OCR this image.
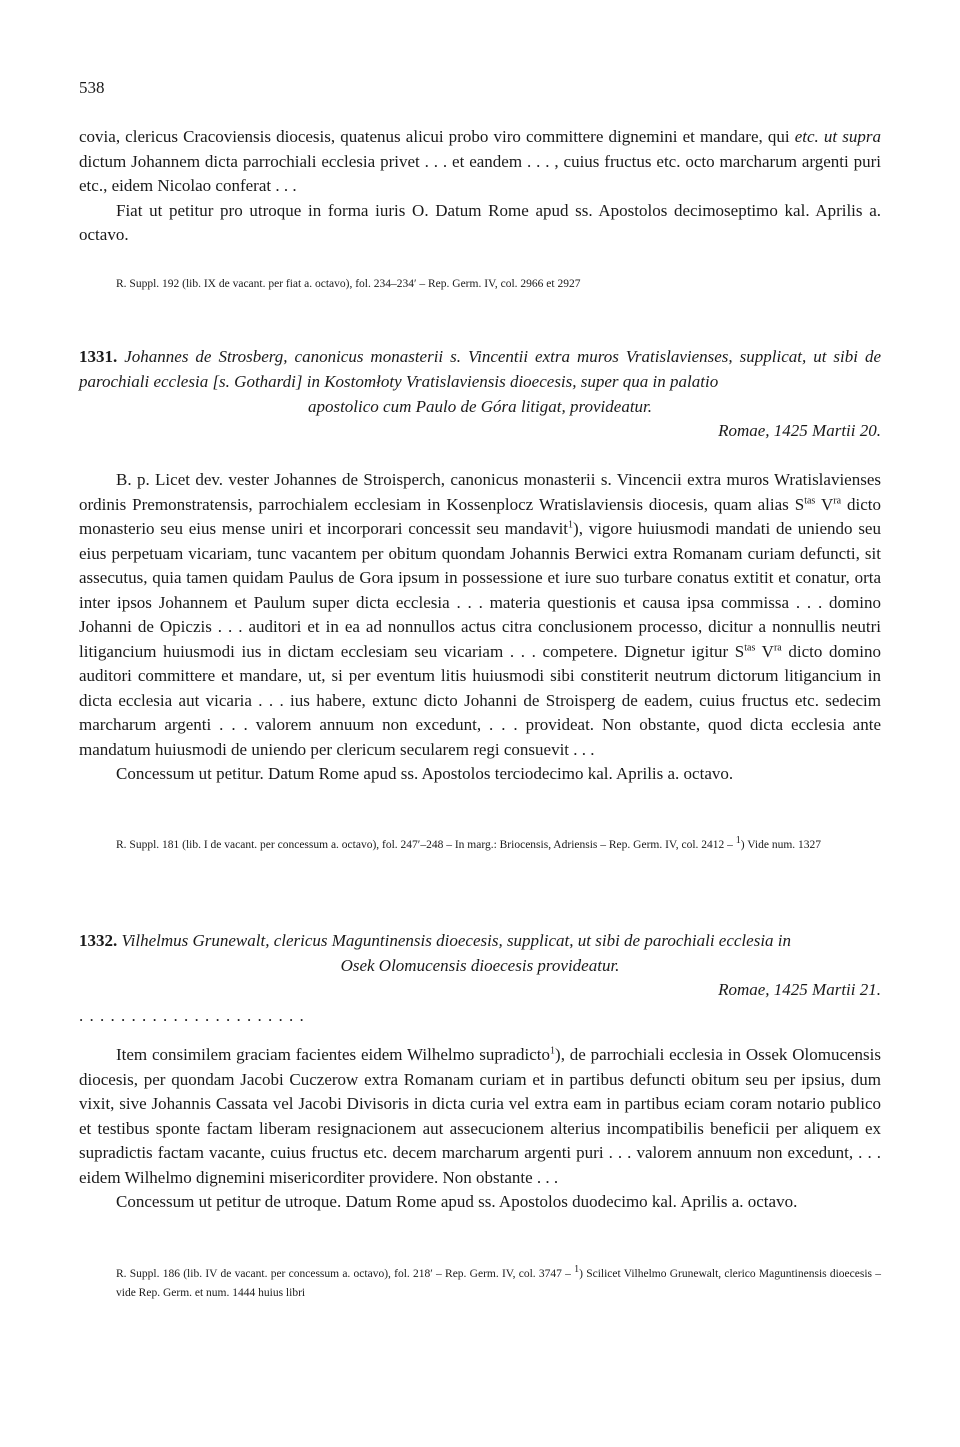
538

covia, clericus Cracoviensis diocesis, quatenus alicui probo viro committere dignemini et mandare, qui etc. ut supra dictum Johannem dicta parrochiali ecclesia privet . . . et eandem . . . , cuius fructus etc. octo marcharum argenti puri etc., eidem Nicolao conferat . . .

Fiat ut petitur pro utroque in forma iuris O. Datum Rome apud ss. Apostolos decimoseptimo kal. Aprilis a. octavo.

R. Suppl. 192 (lib. IX de vacant. per fiat a. octavo), fol. 234–234′ – Rep. Germ. IV, col. 2966 et 2927

1331. Johannes de Strosberg, canonicus monasterii s. Vincentii extra muros Vratislavienses, supplicat, ut sibi de parochiali ecclesia [s. Gothardi] in Kostomłoty Vratislaviensis dioecesis, super qua in palatio
apostolico cum Paulo de Góra litigat, provideatur.

Romae, 1425 Martii 20.

B. p. Licet dev. vester Johannes de Stroisperch, canonicus monasterii s. Vincencii extra muros Wratislavienses ordinis Premonstratensis, parrochialem ecclesiam in Kossenplocz Wratislaviensis diocesis, quam alias $S^{tas}$ $V^{ra}$ dicto monasterio seu eius mense uniri et incorporari concessit seu mandavit$^1$), vigore huiusmodi mandati de uniendo seu eius perpetuam vicariam, tunc vacantem per obitum quondam Johannis Berwici extra Romanam curiam defuncti, sit assecutus, quia tamen quidam Paulus de Gora ipsum in possessione et iure suo turbare conatus extitit et conatur, orta inter ipsos Johannem et Paulum super dicta ecclesia . . . materia questionis et causa ipsa commissa . . . domino Johanni de Opiczis . . . auditori et in ea ad nonnullos actus citra conclusionem processo, dicitur a nonnullis neutri litigancium huiusmodi ius in dictam ecclesiam seu vicariam . . . competere. Dignetur igitur $S^{tas}$ $V^{ra}$ dicto domino auditori committere et mandare, ut, si per eventum litis huiusmodi sibi constiterit neutrum dictorum litigancium in dicta ecclesia aut vicaria . . . ius habere, extunc dicto Johanni de Stroisperg de eadem, cuius fructus etc. sedecim marcharum argenti . . . valorem annuum non excedunt, . . . provideat. Non obstante, quod dicta ecclesia ante mandatum huiusmodi de uniendo per clericum secularem regi consuevit . . .

Concessum ut petitur. Datum Rome apud ss. Apostolos terciodecimo kal. Aprilis a. octavo.

R. Suppl. 181 (lib. I de vacant. per concessum a. octavo), fol. 247′–248 – In marg.: Briocensis, Adriensis – Rep. Germ. IV, col. 2412 – $^1$) Vide num. 1327

1332. Vilhelmus Grunewalt, clericus Maguntinensis dioecesis, supplicat, ut sibi de parochiali ecclesia in
Osek Olomucensis dioecesis provideatur.

Romae, 1425 Martii 21.

. . . . . . . . . . . . . . . . . . . . . .

Item consimilem graciam facientes eidem Wilhelmo supradicto$^1$), de parrochiali ecclesia in Ossek Olomucensis diocesis, per quondam Jacobi Cuczerow extra Romanam curiam et in partibus defuncti obitum seu per ipsius, dum vixit, sive Johannis Cassata vel Jacobi Divisoris in dicta curia vel extra eam in partibus eciam coram notario publico et testibus sponte factam liberam resignacionem aut assecucionem alterius incompatibilis beneficii per aliquem ex supradictis factam vacante, cuius fructus etc. decem marcharum argenti puri . . . valorem annuum non excedunt, . . . eidem Wilhelmo dignemini misericorditer providere. Non obstante . . .

Concessum ut petitur de utroque. Datum Rome apud ss. Apostolos duodecimo kal. Aprilis a. octavo.

R. Suppl. 186 (lib. IV de vacant. per concessum a. octavo), fol. 218′ – Rep. Germ. IV, col. 3747 – $^1$) Scilicet Vilhelmo Grunewalt, clerico Maguntinensis dioecesis – vide Rep. Germ. et num. 1444 huius libri
